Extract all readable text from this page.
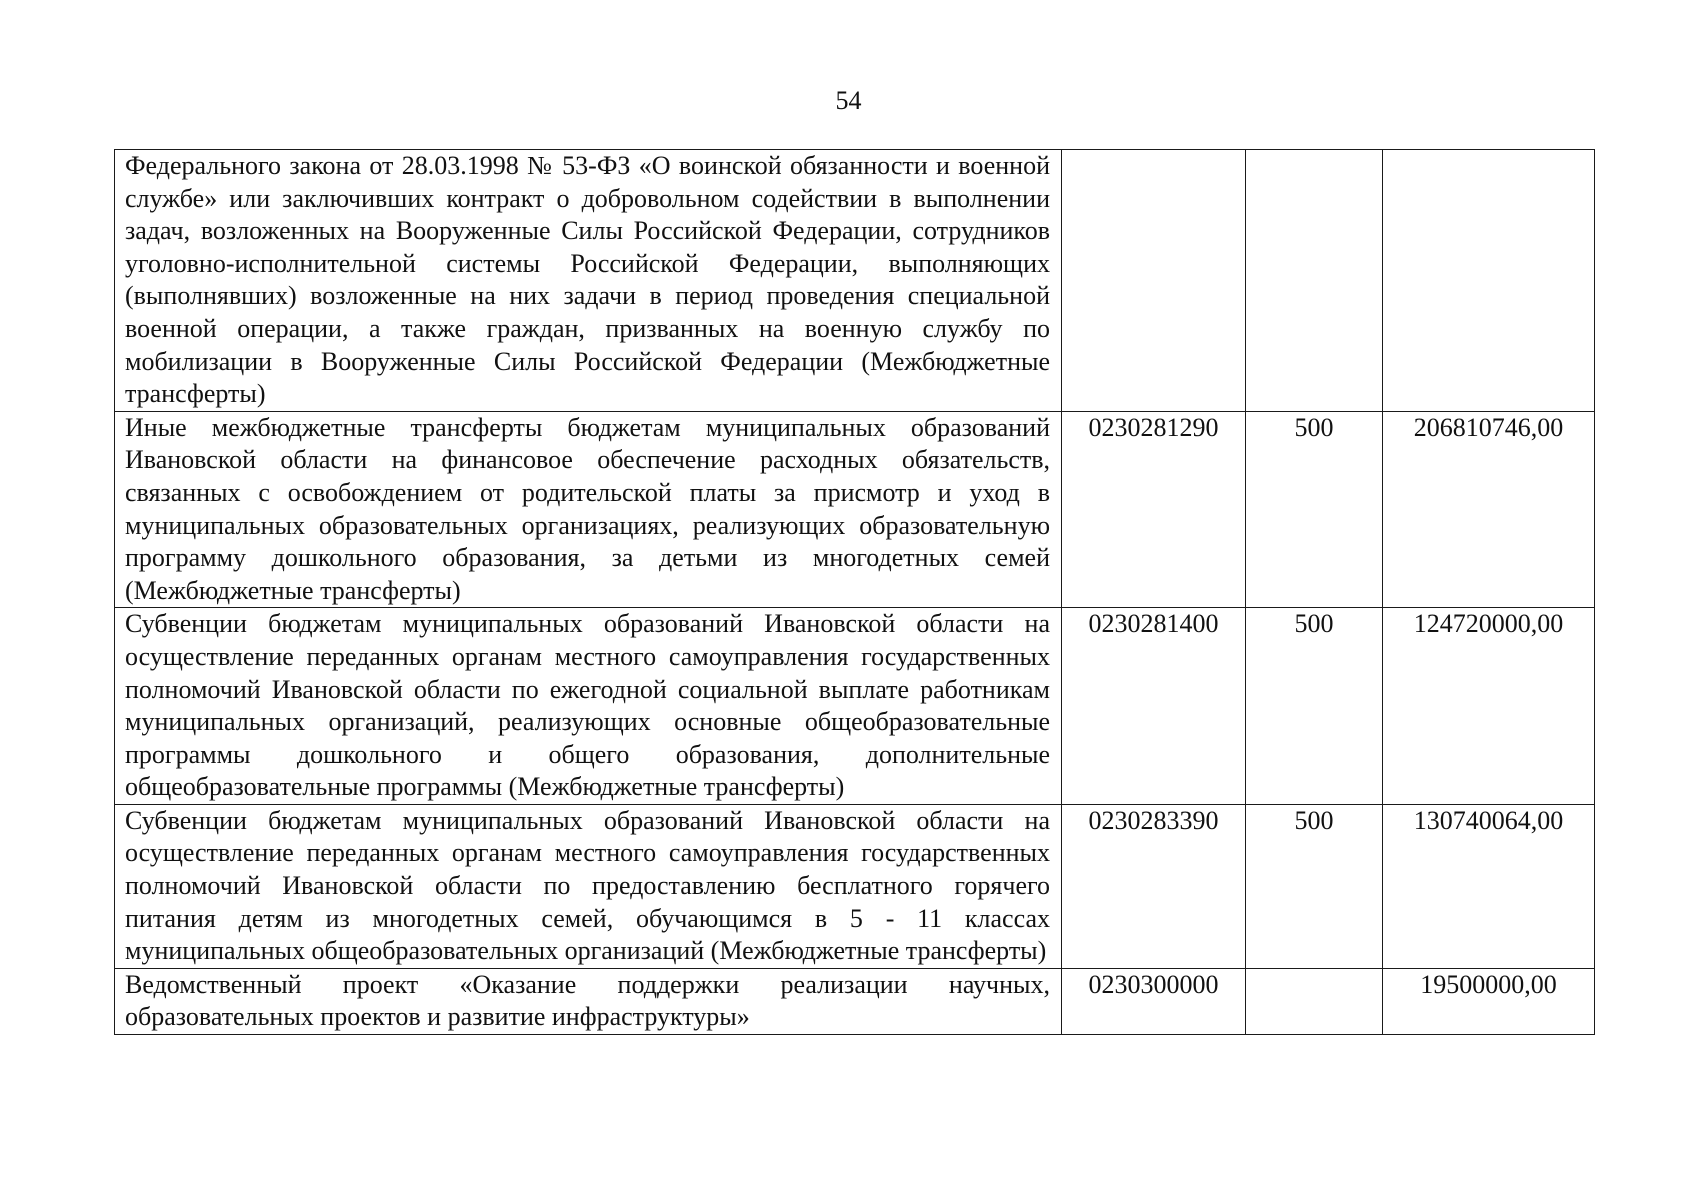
54
Федерального закона от 28.03.1998 № 53-ФЗ «О воинской обязанности и военной службе» или заключивших контракт о добровольном содействии в выполнении задач, возложенных на Вооруженные Силы Российской Федерации, сотрудников уголовно-исполнительной системы Российской Федерации, выполняющих (выполнявших) возложенные на них задачи в период проведения специальной военной операции, а также граждан, призванных на военную службу по мобилизации в Вооруженные Силы Российской Федерации (Межбюджетные трансферты)			
Иные межбюджетные трансферты бюджетам муниципальных образований Ивановской области на финансовое обеспечение расходных обязательств, связанных с освобождением от родительской платы за присмотр и уход в муниципальных образовательных организациях, реализующих образовательную программу дошкольного образования, за детьми из многодетных семей (Межбюджетные трансферты)	0230281290	500	206810746,00
Субвенции бюджетам муниципальных образований Ивановской области на осуществление переданных органам местного самоуправления государственных полномочий Ивановской области по ежегодной социальной выплате работникам муниципальных организаций, реализующих основные общеобразовательные программы дошкольного и общего образования, дополнительные общеобразовательные программы (Межбюджетные трансферты)	0230281400	500	124720000,00
Субвенции бюджетам муниципальных образований Ивановской области на осуществление переданных органам местного самоуправления государственных полномочий Ивановской области по предоставлению бесплатного горячего питания детям из многодетных семей, обучающимся в 5 - 11 классах муниципальных общеобразовательных организаций (Межбюджетные трансферты)	0230283390	500	130740064,00
Ведомственный проект «Оказание поддержки реализации научных, образовательных проектов и развитие инфраструктуры»	0230300000		19500000,00
